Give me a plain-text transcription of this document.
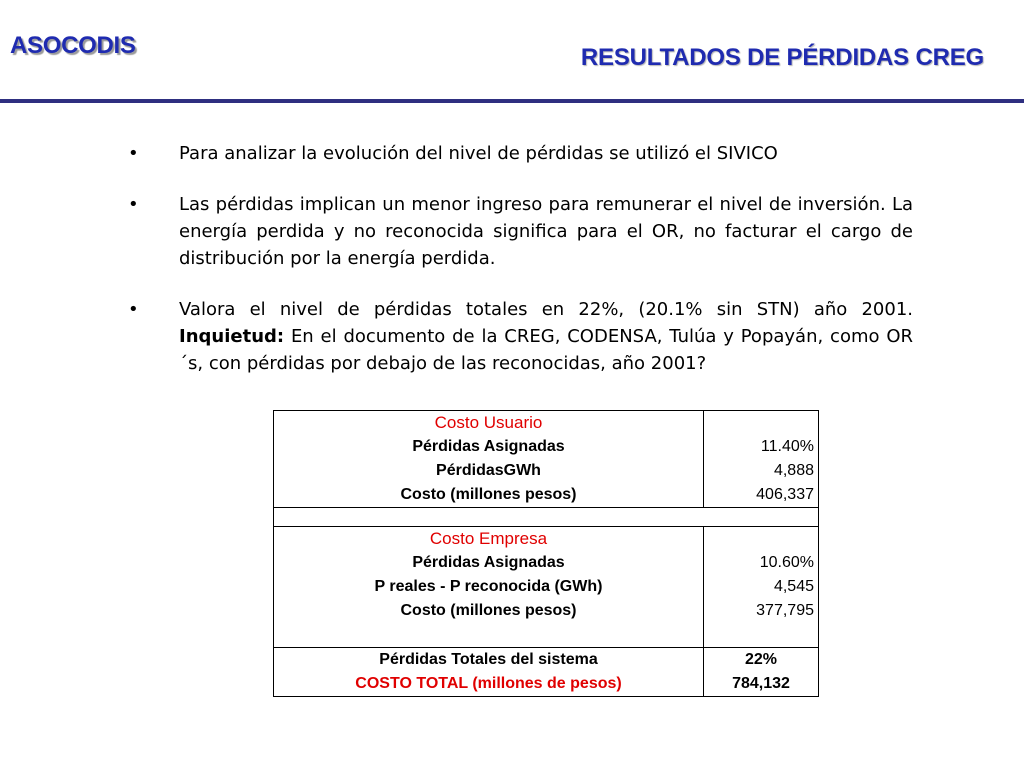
ASOCODIS	RESULTADOS DE PÉRDIDAS CREG
• Para analizar la evolución del nivel de pérdidas se utilizó el SIVICO
• Las pérdidas implican un menor ingreso para remunerar el nivel de inversión. La energía perdida y no reconocida significa para el OR, no facturar el cargo de distribución por la energía perdida.
• Valora el nivel de pérdidas totales en 22%, (20.1% sin STN) año 2001. Inquietud: En el documento de la CREG, CODENSA, Tulúa y Popayán, como OR´s, con pérdidas por debajo de las reconocidas, año 2001?
Costo Usuario	
Pérdidas Asignadas	11.40%
PérdidasGWh	4,888
Costo (millones pesos)	406,337

Costo Empresa	
Pérdidas Asignadas	10.60%
P reales - P reconocida (GWh)	4,545
Costo (millones pesos)	377,795

Pérdidas Totales del sistema	22%
COSTO TOTAL (millones de pesos)	784,132
